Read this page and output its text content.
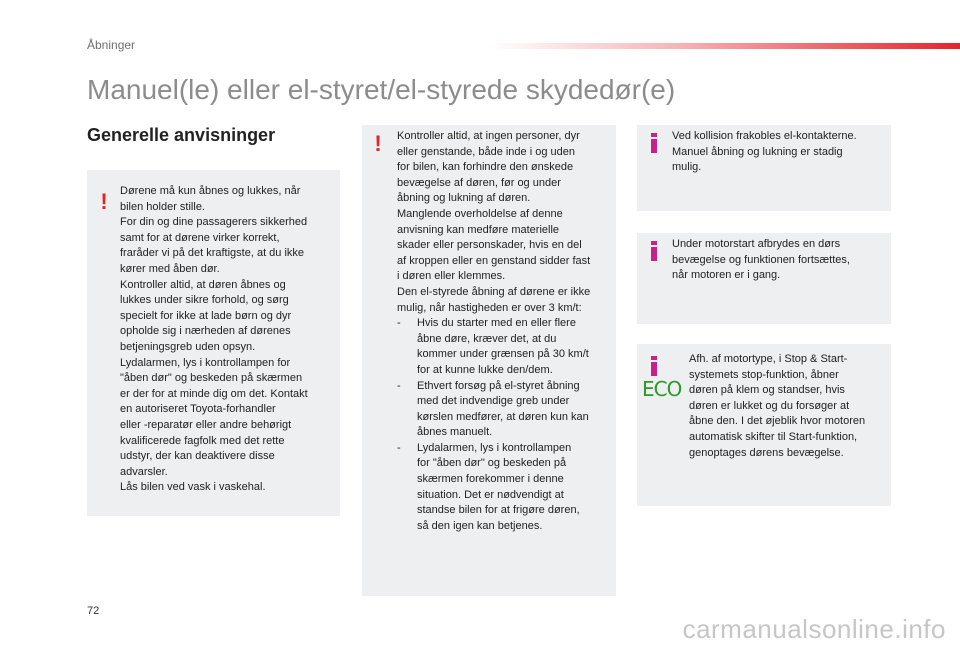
Åbninger
Manuel(le) eller el-styret/el-styrede skydedør(e)
Generelle anvisninger
! Dørene må kun åbnes og lukkes, når

bilen holder stille.

For din og dine passagerers sikkerhed

samt for at dørene virker korrekt,

fraråder vi på det kraftigste, at du ikke

kører med åben dør.

Kontroller altid, at døren åbnes og

lukkes under sikre forhold, og sørg

specielt for ikke at lade børn og dyr

opholde sig i nærheden af dørenes

betjeningsgreb uden opsyn.

Lydalarmen, lys i kontrollampen for

"åben dør" og beskeden på skærmen

er der for at minde dig om det. Kontakt

en autoriseret Toyota-forhandler

eller -reparatør eller andre behørigt

kvalificerede fagfolk med det rette

udstyr, der kan deaktivere disse

advarsler.

Lås bilen ved vask i vaskehal.

! Kontroller altid, at ingen personer, dyr

eller genstande, både inde i og uden

for bilen, kan forhindre den ønskede

bevægelse af døren, før og under

åbning og lukning af døren.

Manglende overholdelse af denne

anvisning kan medføre materielle

skader eller personskader, hvis en del

af kroppen eller en genstand sidder fast

i døren eller klemmes.

Den el-styrede åbning af dørene er ikke

mulig, når hastigheden er over 3 km/t:

- Hvis du starter med en eller flere

åbne døre, kræver det, at du

kommer under grænsen på 30 km/t

for at kunne lukke den/dem.

- Ethvert forsøg på el-styret åbning

med det indvendige greb under

kørslen medfører, at døren kun kan

åbnes manuelt.

- Lydalarmen, lys i kontrollampen

for "åben dør" og beskeden på

skærmen forekommer i denne

situation. Det er nødvendigt at

standse bilen for at frigøre døren,

så den igen kan betjenes.

Ved kollision frakobles el-kontakterne.

Manuel åbning og lukning er stadig

mulig.

Under motorstart afbrydes en dørs

bevægelse og funktionen fortsættes,

når motoren er i gang.

ECO

Afh. af motortype, i Stop & Start-

systemets stop-funktion, åbner

døren på klem og standser, hvis

døren er lukket og du forsøger at

åbne den. I det øjeblik hvor motoren

automatisk skifter til Start-funktion,

genoptages dørens bevægelse.

72
carmanualsonline.info
